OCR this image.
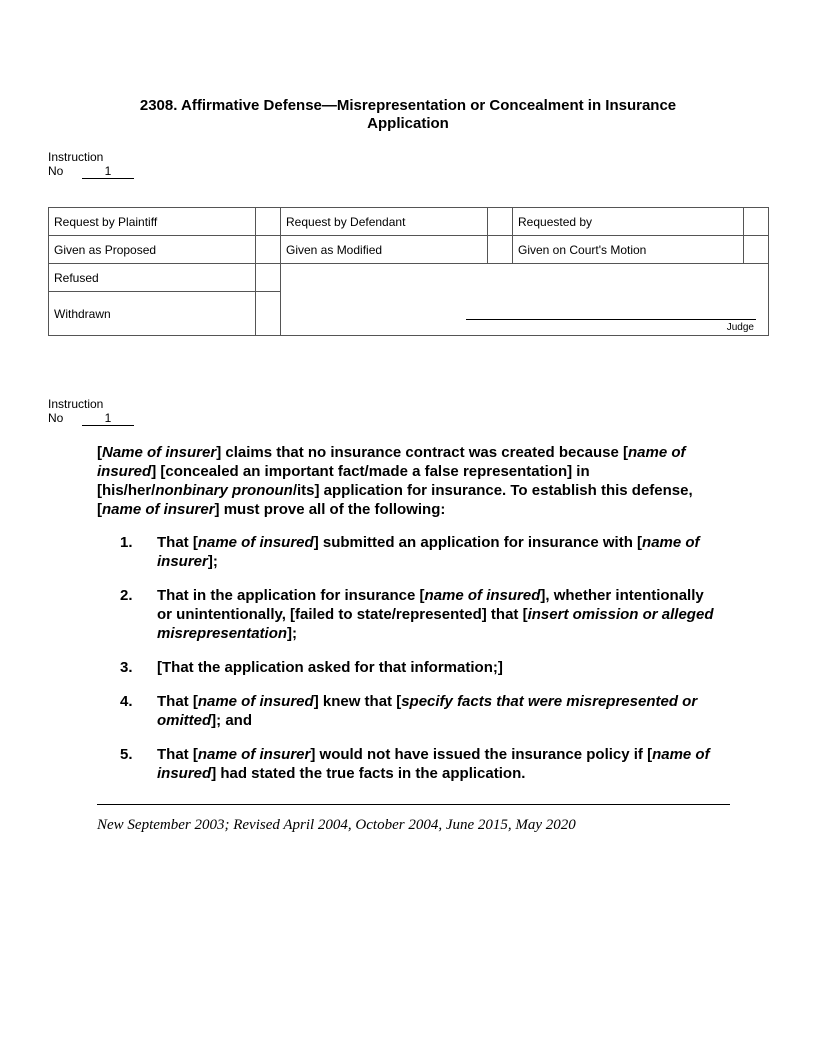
2308. Affirmative Defense—Misrepresentation or Concealment in Insurance
Application
Instruction
No	1
Request by Plaintiff		Request by Defendant		Requested by	
Given as Proposed		Given as Modified		Given on Court's Motion	
Refused		Judge			

Withdrawn					
Instruction
No	1
[Name of insurer] claims that no insurance contract was created because [name of insured] [concealed an important fact/made a false representation] in [his/her/nonbinary pronoun/its] application for insurance. To establish this defense, [name of insurer] must prove all of the following:
1. That [name of insured] submitted an application for insurance with [name of insurer];
2. That in the application for insurance [name of insured], whether intentionally or unintentionally, [failed to state/represented] that [insert omission or alleged misrepresentation];
3. [That the application asked for that information;]
4. That [name of insured] knew that [specify facts that were misrepresented or omitted]; and
5. That [name of insurer] would not have issued the insurance policy if [name of insured] had stated the true facts in the application.
New September 2003; Revised April 2004, October 2004, June 2015, May 2020
